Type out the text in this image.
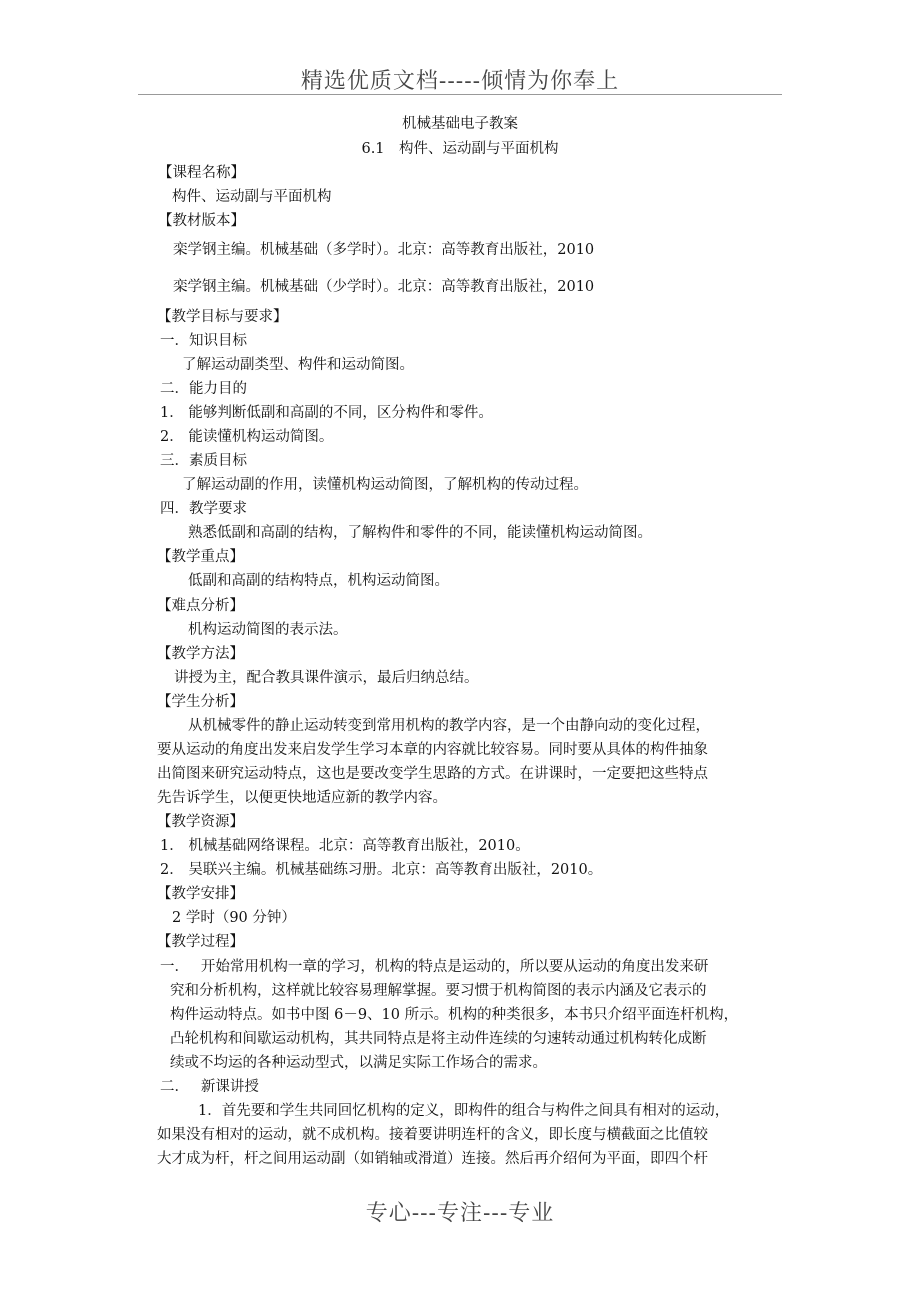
精选优质文档-----倾情为你奉上
机械基础电子教案
6.1　构件、运动副与平面机构
【课程名称】
构件、运动副与平面机构
【教材版本】
栾学钢主编。机械基础（多学时）。北京：高等教育出版社，2010
栾学钢主编。机械基础（少学时）。北京：高等教育出版社，2010
【教学目标与要求】
一．知识目标
了解运动副类型、构件和运动简图。
二．能力目的
1． 能够判断低副和高副的不同，区分构件和零件。
2． 能读懂机构运动简图。
三．素质目标
了解运动副的作用，读懂机构运动简图，了解机构的传动过程。
四．教学要求
熟悉低副和高副的结构，了解构件和零件的不同，能读懂机构运动简图。
【教学重点】
低副和高副的结构特点，机构运动简图。
【难点分析】
机构运动简图的表示法。
【教学方法】
讲授为主，配合教具课件演示，最后归纳总结。
【学生分析】
从机械零件的静止运动转变到常用机构的教学内容，是一个由静向动的变化过程，
要从运动的角度出发来启发学生学习本章的内容就比较容易。同时要从具体的构件抽象
出简图来研究运动特点，这也是要改变学生思路的方式。在讲课时，一定要把这些特点
先告诉学生，以便更快地适应新的教学内容。
【教学资源】
1． 机械基础网络课程。北京：高等教育出版社，2010。
2． 吴联兴主编。机械基础练习册。北京：高等教育出版社，2010。
【教学安排】
2 学时（90 分钟）
【教学过程】
一．　 开始常用机构一章的学习，机构的特点是运动的，所以要从运动的角度出发来研
究和分析机构，这样就比较容易理解掌握。要习惯于机构简图的表示内涵及它表示的
构件运动特点。如书中图 6－9、10 所示。机构的种类很多，本书只介绍平面连杆机构，
凸轮机构和间歇运动机构，其共同特点是将主动件连续的匀速转动通过机构转化成断
续或不均运的各种运动型式，以满足实际工作场合的需求。
二．　 新课讲授
1．首先要和学生共同回忆机构的定义，即构件的组合与构件之间具有相对的运动，
如果没有相对的运动，就不成机构。接着要讲明连杆的含义，即长度与横截面之比值较
大才成为杆，杆之间用运动副（如销轴或滑道）连接。然后再介绍何为平面，即四个杆
专心---专注---专业
